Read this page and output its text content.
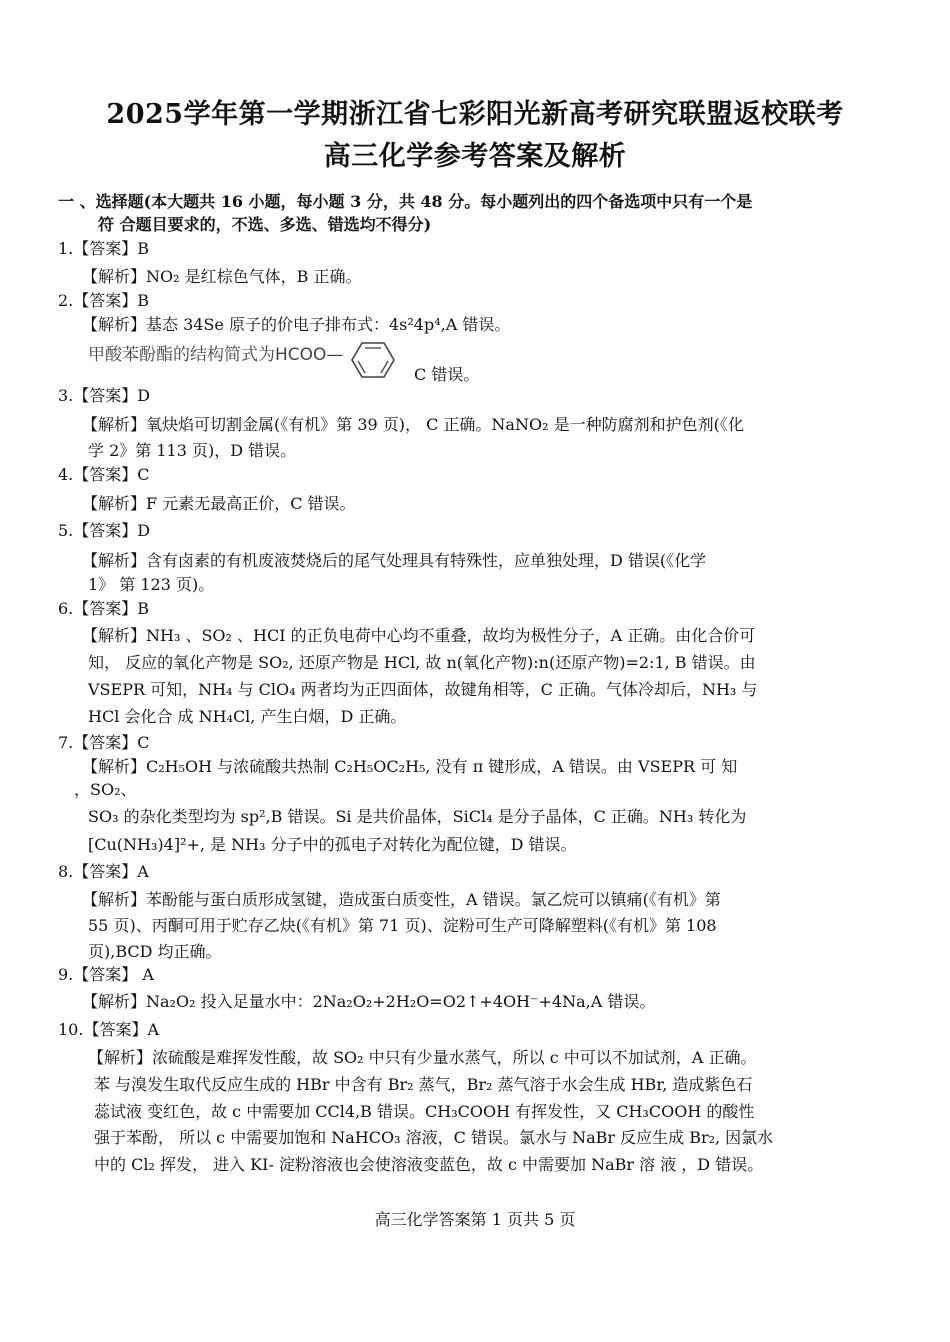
2025学年第一学期浙江省七彩阳光新高考研究联盟返校联考
高三化学参考答案及解析
一 、选择题(本大题共 16 小题，每小题 3 分，共 48 分。每小题列出的四个备选项中只有一个是
符 合题目要求的，不选、多选、错选均不得分)
1.【答案】B
【解析】NO₂ 是红棕色气体，B 正确。
2.【答案】B
【解析】基态 34Se 原子的价电子排布式：4s²4p⁴,A 错误。
甲酸苯酚酯的结构简式为HCOO—
C 错误。
3.【答案】D
【解析】氧炔焰可切割金属(《有机》第 39 页)， C 正确。NaNO₂ 是一种防腐剂和护色剂(《化
学 2》第 113 页)，D 错误。
4.【答案】C
【解析】F 元素无最高正价，C 错误。
5.【答案】D
【解析】含有卤素的有机废液焚烧后的尾气处理具有特殊性，应单独处理，D 错误(《化学
1》 第 123 页)。
6.【答案】B
【解析】NH₃ 、SO₂ 、HCI 的正负电荷中心均不重叠，故均为极性分子，A 正确。由化合价可
知， 反应的氧化产物是 SO₂, 还原产物是 HCl, 故 n(氧化产物):n(还原产物)=2:1, B 错误。由
VSEPR 可知，NH₄ 与 ClO₄ 两者均为正四面体，故键角相等，C 正确。气体冷却后，NH₃ 与
HCl 会化合 成 NH₄Cl, 产生白烟，D 正确。
7.【答案】C
【解析】C₂H₅OH 与浓硫酸共热制 C₂H₅OC₂H₅, 没有 π 键形成，A 错误。由 VSEPR 可 知
，SO₂、
SO₃ 的杂化类型均为 sp²,B 错误。Si 是共价晶体，SiCl₄ 是分子晶体，C 正确。NH₃ 转化为
[Cu(NH₃)4]²+, 是 NH₃ 分子中的孤电子对转化为配位键，D 错误。
8.【答案】A
【解析】苯酚能与蛋白质形成氢键，造成蛋白质变性，A 错误。氯乙烷可以镇痛(《有机》第
55 页)、丙酮可用于贮存乙炔(《有机》第 71 页)、淀粉可生产可降解塑料(《有机》第 108
页),BCD 均正确。
9.【答案】 A
【解析】Na₂O₂ 投入足量水中：2Na₂O₂+2H₂O=O2↑+4OH⁻+4Na,A 错误。
10.【答案】A
【解析】浓硫酸是难挥发性酸，故 SO₂ 中只有少量水蒸气，所以 c 中可以不加试剂，A 正确。
苯 与溴发生取代反应生成的 HBr 中含有 Br₂ 蒸气，Br₂ 蒸气溶于水会生成 HBr, 造成紫色石
蕊试液 变红色，故 c 中需要加 CCl4,B 错误。CH₃COOH 有挥发性，又 CH₃COOH 的酸性
强于苯酚， 所以 c 中需要加饱和 NaHCO₃ 溶液，C 错误。氯水与 NaBr 反应生成 Br₂, 因氯水
中的 Cl₂ 挥发， 进入 KI- 淀粉溶液也会使溶液变蓝色，故 c 中需要加 NaBr 溶 液 ，D 错误。
高三化学答案第 1 页共 5 页
